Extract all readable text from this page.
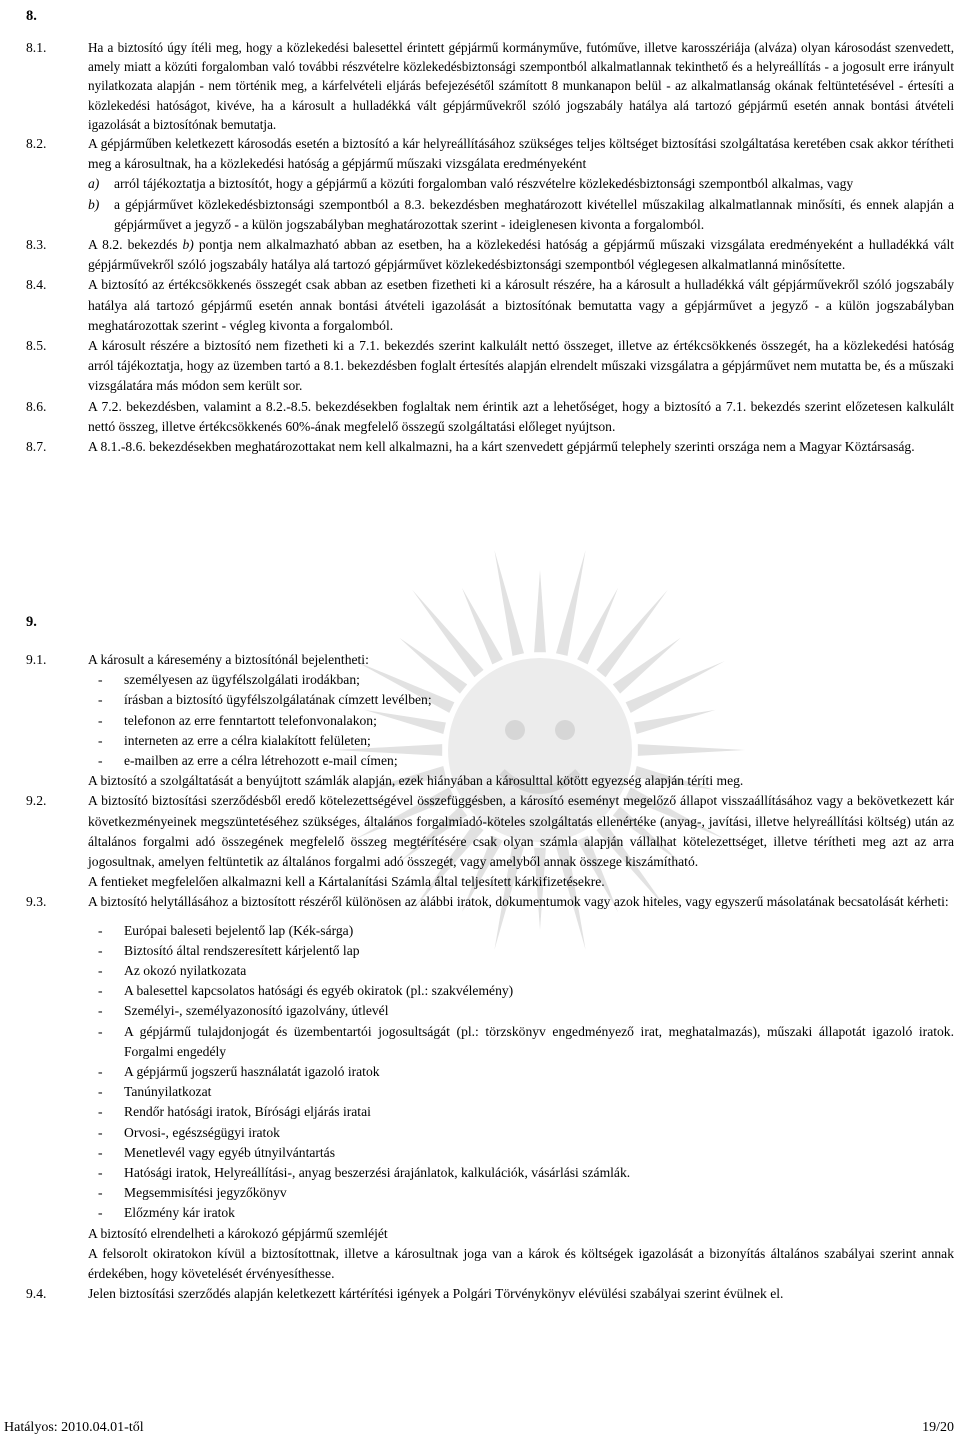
8.
8.1.	Ha a biztosító úgy ítéli meg, hogy a közlekedési balesettel érintett gépjármű kormányműve, futóműve, illetve karosszériája (alváza) olyan károsodást szenvedett, amely miatt a közúti forgalomban való további részvételre közlekedésbiztonsági szempontból alkalmatlannak tekinthető és a helyreállítás - a jogosult erre irányult nyilatkozata alapján - nem történik meg, a kárfelvételi eljárás befejezésétől számított 8 munkanapon belül - az alkalmatlanság okának feltüntetésével - értesíti a közlekedési hatóságot, kivéve, ha a károsult a hulladékká vált gépjárművekről szóló jogszabály hatálya alá tartozó gépjármű esetén annak bontási átvételi igazolását a biztosítónak bemutatja.
8.2.	A gépjárműben keletkezett károsodás esetén a biztosító a kár helyreállításához szükséges teljes költséget biztosítási szolgáltatása keretében csak akkor térítheti meg a károsultnak, ha a közlekedési hatóság a gépjármű műszaki vizsgálata eredményeként
a)	arról tájékoztatja a biztosítót, hogy a gépjármű a közúti forgalomban való részvételre közlekedésbiztonsági szempontból alkalmas, vagy
b)	a gépjárművet közlekedésbiztonsági szempontból a 8.3. bekezdésben meghatározott kivétellel műszakilag alkalmatlannak minősíti, és ennek alapján a gépjárművet a jegyző - a külön jogszabályban meghatározottak szerint - ideiglenesen kivonta a forgalomból.
8.3.	A 8.2. bekezdés b) pontja nem alkalmazható abban az esetben, ha a közlekedési hatóság a gépjármű műszaki vizsgálata eredményeként a hulladékká vált gépjárművekről szóló jogszabály hatálya alá tartozó gépjárművet közlekedésbiztonsági szempontból véglegesen alkalmatlanná minősítette.
8.4.	A biztosító az értékcsökkenés összegét csak abban az esetben fizetheti ki a károsult részére, ha a károsult a hulladékká vált gépjárművekről szóló jogszabály hatálya alá tartozó gépjármű esetén annak bontási átvételi igazolását a biztosítónak bemutatta vagy a gépjárművet a jegyző - a külön jogszabályban meghatározottak szerint - végleg kivonta a forgalomból.
8.5.	A károsult részére a biztosító nem fizetheti ki a 7.1. bekezdés szerint kalkulált nettó összeget, illetve az értékcsökkenés összegét, ha a közlekedési hatóság arról tájékoztatja, hogy az üzemben tartó a 8.1. bekezdésben foglalt értesítés alapján elrendelt műszaki vizsgálatra a gépjárművet nem mutatta be, és a műszaki vizsgálatára más módon sem került sor.
8.6.	A 7.2. bekezdésben, valamint a 8.2.-8.5. bekezdésekben foglaltak nem érintik azt a lehetőséget, hogy a biztosító a 7.1. bekezdés szerint előzetesen kalkulált nettó összeg, illetve értékcsökkenés 60%-ának megfelelő összegű szolgáltatási előleget nyújtson.
8.7.	A 8.1.-8.6. bekezdésekben meghatározottakat nem kell alkalmazni, ha a kárt szenvedett gépjármű telephely szerinti országa nem a Magyar Köztársaság.
9.
9.1.	A károsult a káresemény a biztosítónál bejelentheti:
-	személyesen az ügyfélszolgálati irodákban;
-	írásban a biztosító ügyfélszolgálatának címzett levélben;
-	telefonon az erre fenntartott telefonvonalakon;
-	interneten az erre a célra kialakított felületen;
-	e-mailben az erre a célra létrehozott e-mail címen;
A biztosító a szolgáltatását a benyújtott számlák alapján, ezek hiányában a károsulttal kötött egyezség alapján téríti meg.
9.2.	A biztosító biztosítási szerződésből eredő kötelezettségével összefüggésben, a károsító eseményt megelőző állapot visszaállításához vagy a bekövetkezett kár következményeinek megszüntetéséhez szükséges, általános forgalmiadó-köteles szolgáltatás ellenértéke (anyag-, javítási, illetve helyreállítási költség) után az általános forgalmi adó összegének megfelelő összeg megtérítésére csak olyan számla alapján vállalhat kötelezettséget, illetve térítheti meg azt az arra jogosultnak, amelyen feltüntetik az általános forgalmi adó összegét, vagy amelyből annak összege kiszámítható.
A fentieket megfelelően alkalmazni kell a Kártalanítási Számla által teljesített kárkifizetésekre.
9.3.	A biztosító helytállásához a biztosított részéről különösen az alábbi iratok, dokumentumok vagy azok hiteles, vagy egyszerű másolatának becsatolását kérheti:
-	Európai baleseti bejelentő lap (Kék-sárga)
-	Biztosító által rendszeresített kárjelentő lap
-	Az okozó nyilatkozata
-	A balesettel kapcsolatos hatósági és egyéb okiratok (pl.: szakvélemény)
-	Személyi-, személyazonosító igazolvány, útlevél
-	A gépjármű tulajdonjogát és üzembentartói jogosultságát (pl.: törzskönyv engedményező irat, meghatalmazás), műszaki állapotát igazoló iratok. Forgalmi engedély
-	A gépjármű jogszerű használatát igazoló iratok
-	Tanúnyilatkozat
-	Rendőr hatósági iratok, Bírósági eljárás iratai
-	Orvosi-, egészségügyi iratok
-	Menetlevél vagy egyéb útnyilvántartás
-	Hatósági iratok, Helyreállítási-, anyag beszerzési árajánlatok, kalkulációk, vásárlási számlák.
-	Megsemmisítési jegyzőkönyv
-	Előzmény kár iratok
A biztosító elrendelheti a károkozó gépjármű szemléjét
A felsorolt okiratokon kívül a biztosítottnak, illetve a károsultnak joga van a károk és költségek igazolását a bizonyítás általános szabályai szerint annak érdekében, hogy követelését érvényesíthesse.
9.4.	Jelen biztosítási szerződés alapján keletkezett kártérítési igények a Polgári Törvénykönyv elévülési szabályai szerint évülnek el.
Hatályos: 2010.04.01-től	19/20
